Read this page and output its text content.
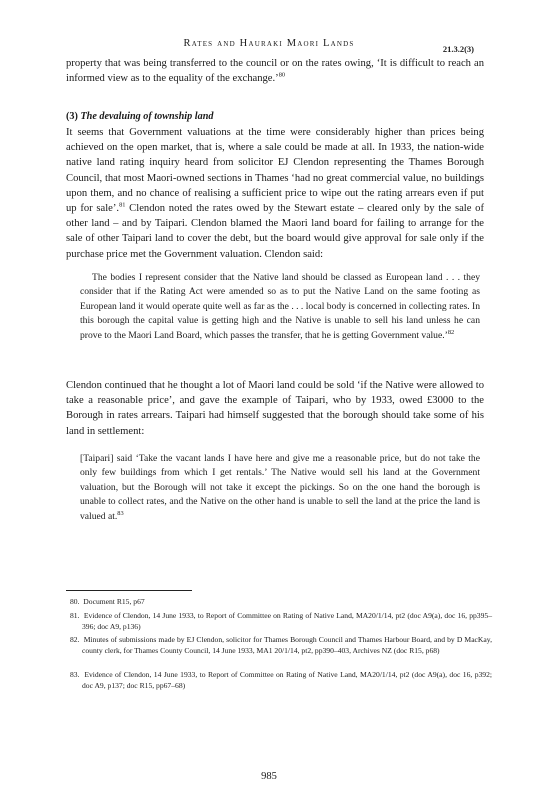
Rates and Hauraki Maori Lands	21.3.2(3)

property that was being transferred to the council or on the rates owing, ‘It is difficult to reach an informed view as to the equality of the exchange.’$^{80}$

(3) The devaluing of township land

It seems that Government valuations at the time were considerably higher than prices being achieved on the open market, that is, where a sale could be made at all. In 1933, the nation-wide native land rating inquiry heard from solicitor EJ Clendon representing the Thames Borough Council, that most Maori-owned sections in Thames ‘had no great commercial value, no buildings upon them, and no chance of realising a sufficient price to wipe out the rating arrears even if put up for sale’.$^{81}$ Clendon noted the rates owed by the Stewart estate – cleared only by the sale of other land – and by Taipari. Clendon blamed the Maori land board for failing to arrange for the sale of other Taipari land to cover the debt, but the board would give approval for sale only if the purchase price met the Government valuation. Clendon said:

The bodies I represent consider that the Native land should be classed as European land . . . they consider that if the Rating Act were amended so as to put the Native Land on the same footing as European land it would operate quite well as far as the . . . local body is concerned in collecting rates. In this borough the capital value is getting high and the Native is unable to sell his land unless he can prove to the Maori Land Board, which passes the transfer, that he is getting Government value.’$^{82}$

Clendon continued that he thought a lot of Maori land could be sold ‘if the Native were allowed to take a reasonable price’, and gave the example of Taipari, who by 1933, owed £3000 to the Borough in rates arrears. Taipari had himself suggested that the borough should take some of his land in settlement:

[Taipari] said ‘Take the vacant lands I have here and give me a reasonable price, but do not take the only few buildings from which I get rentals.’ The Native would sell his land at the Government valuation, but the Borough will not take it except the pickings. So on the one hand the borough is unable to collect rates, and the Native on the other hand is unable to sell the land at the price the land is valued at.$^{83}$

80.  Document R15, p67

81.  Evidence of Clendon, 14 June 1933, to Report of Committee on Rating of Native Land, MA20/1/14, pt2 (doc A9(a), doc 16, pp395–396; doc A9, p136)

82.  Minutes of submissions made by EJ Clendon, solicitor for Thames Borough Council and Thames Harbour Board, and by D MacKay, county clerk, for Thames County Council, 14 June 1933, MA1 20/1/14, pt2, pp390–403, Archives NZ (doc R15, p68)

83.  Evidence of Clendon, 14 June 1933, to Report of Committee on Rating of Native Land, MA20/1/14, pt2 (doc A9(a), doc 16, p392; doc A9, p137; doc R15, pp67–68)

985
